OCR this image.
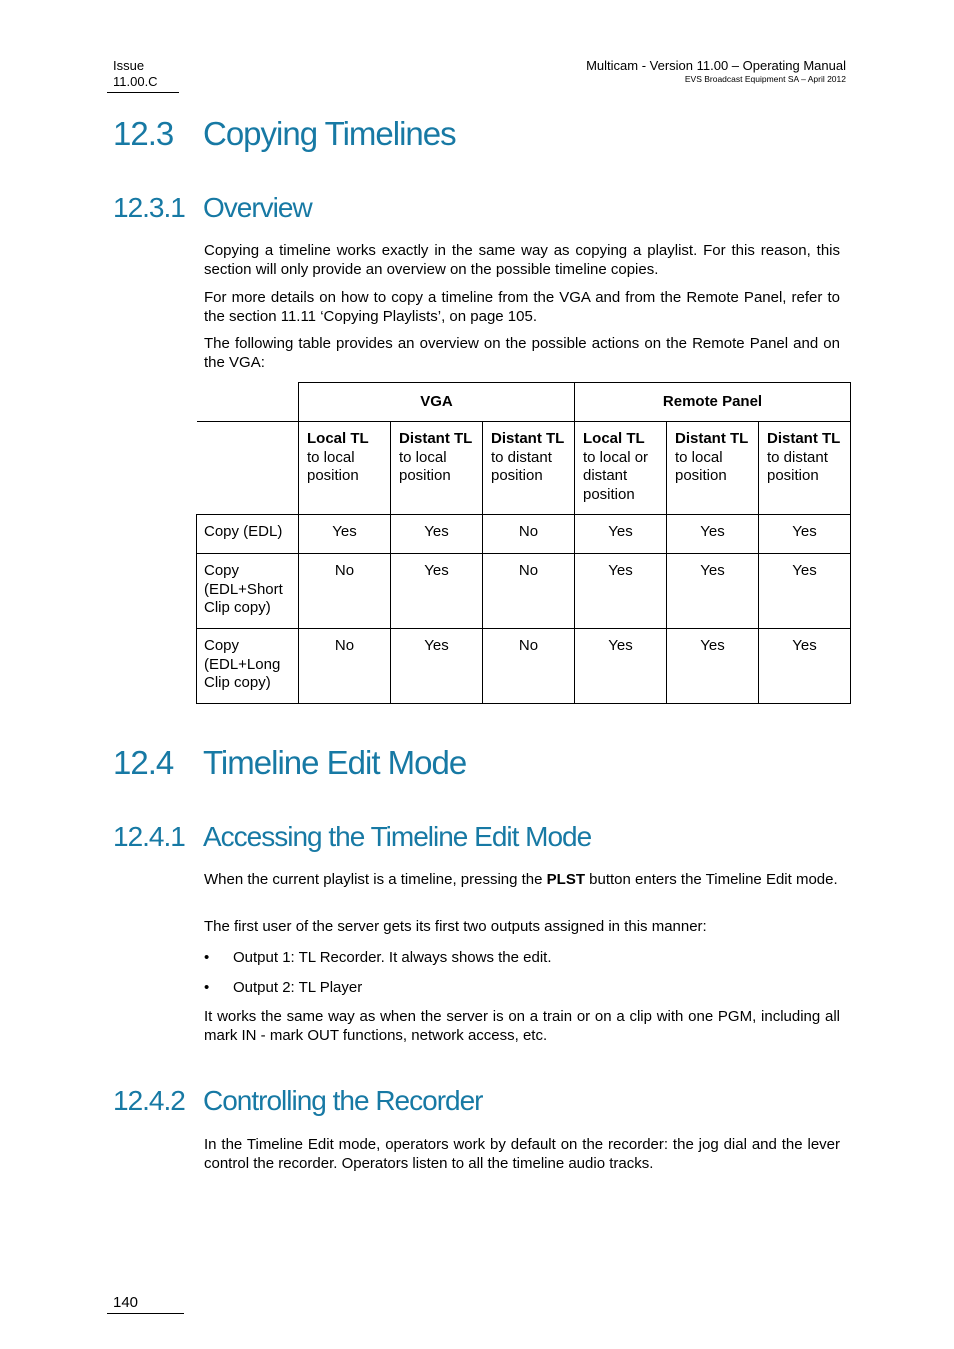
Issue
11.00.C
Multicam - Version 11.00 – Operating Manual
EVS Broadcast Equipment SA – April 2012
12.3 Copying Timelines
12.3.1 Overview
Copying a timeline works exactly in the same way as copying a playlist. For this reason, this section will only provide an overview on the possible timeline copies.
For more details on how to copy a timeline from the VGA and from the Remote Panel, refer to the section 11.11 ‘Copying Playlists’, on page 105.
The following table provides an overview on the possible actions on the Remote Panel and on the VGA:
	VGA			Remote Panel		
	Local TL to local position	Distant TL to local position	Distant TL to distant position	Local TL to local or distant position	Distant TL to local position	Distant TL to distant position
Copy (EDL)	Yes	Yes	No	Yes	Yes	Yes
Copy (EDL+Short Clip copy)	No	Yes	No	Yes	Yes	Yes
Copy (EDL+Long Clip copy)	No	Yes	No	Yes	Yes	Yes
12.4 Timeline Edit Mode
12.4.1 Accessing the Timeline Edit Mode
When the current playlist is a timeline, pressing the PLST button enters the Timeline Edit mode.
The first user of the server gets its first two outputs assigned in this manner:
• Output 1: TL Recorder. It always shows the edit.
• Output 2: TL Player
It works the same way as when the server is on a train or on a clip with one PGM, including all mark IN - mark OUT functions, network access, etc.
12.4.2 Controlling the Recorder
In the Timeline Edit mode, operators work by default on the recorder: the jog dial and the lever control the recorder. Operators listen to all the timeline audio tracks.
140
